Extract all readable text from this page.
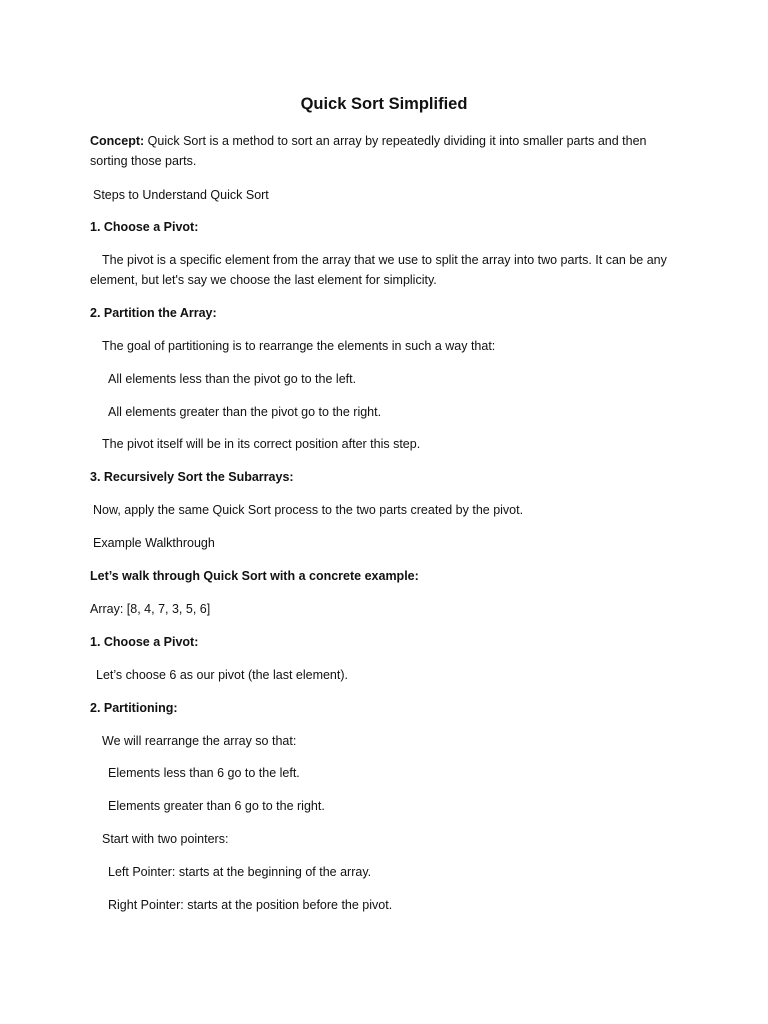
Quick Sort Simplified
Concept: Quick Sort is a method to sort an array by repeatedly dividing it into smaller parts and then sorting those parts.
Steps to Understand Quick Sort
1. Choose a Pivot:
The pivot is a specific element from the array that we use to split the array into two parts. It can be any element, but let's say we choose the last element for simplicity.
2. Partition the Array:
The goal of partitioning is to rearrange the elements in such a way that:
All elements less than the pivot go to the left.
All elements greater than the pivot go to the right.
The pivot itself will be in its correct position after this step.
3. Recursively Sort the Subarrays:
Now, apply the same Quick Sort process to the two parts created by the pivot.
Example Walkthrough
Let’s walk through Quick Sort with a concrete example:
Array: [8, 4, 7, 3, 5, 6]
1. Choose a Pivot:
Let’s choose 6 as our pivot (the last element).
2. Partitioning:
We will rearrange the array so that:
Elements less than 6 go to the left.
Elements greater than 6 go to the right.
Start with two pointers:
Left Pointer: starts at the beginning of the array.
Right Pointer: starts at the position before the pivot.
